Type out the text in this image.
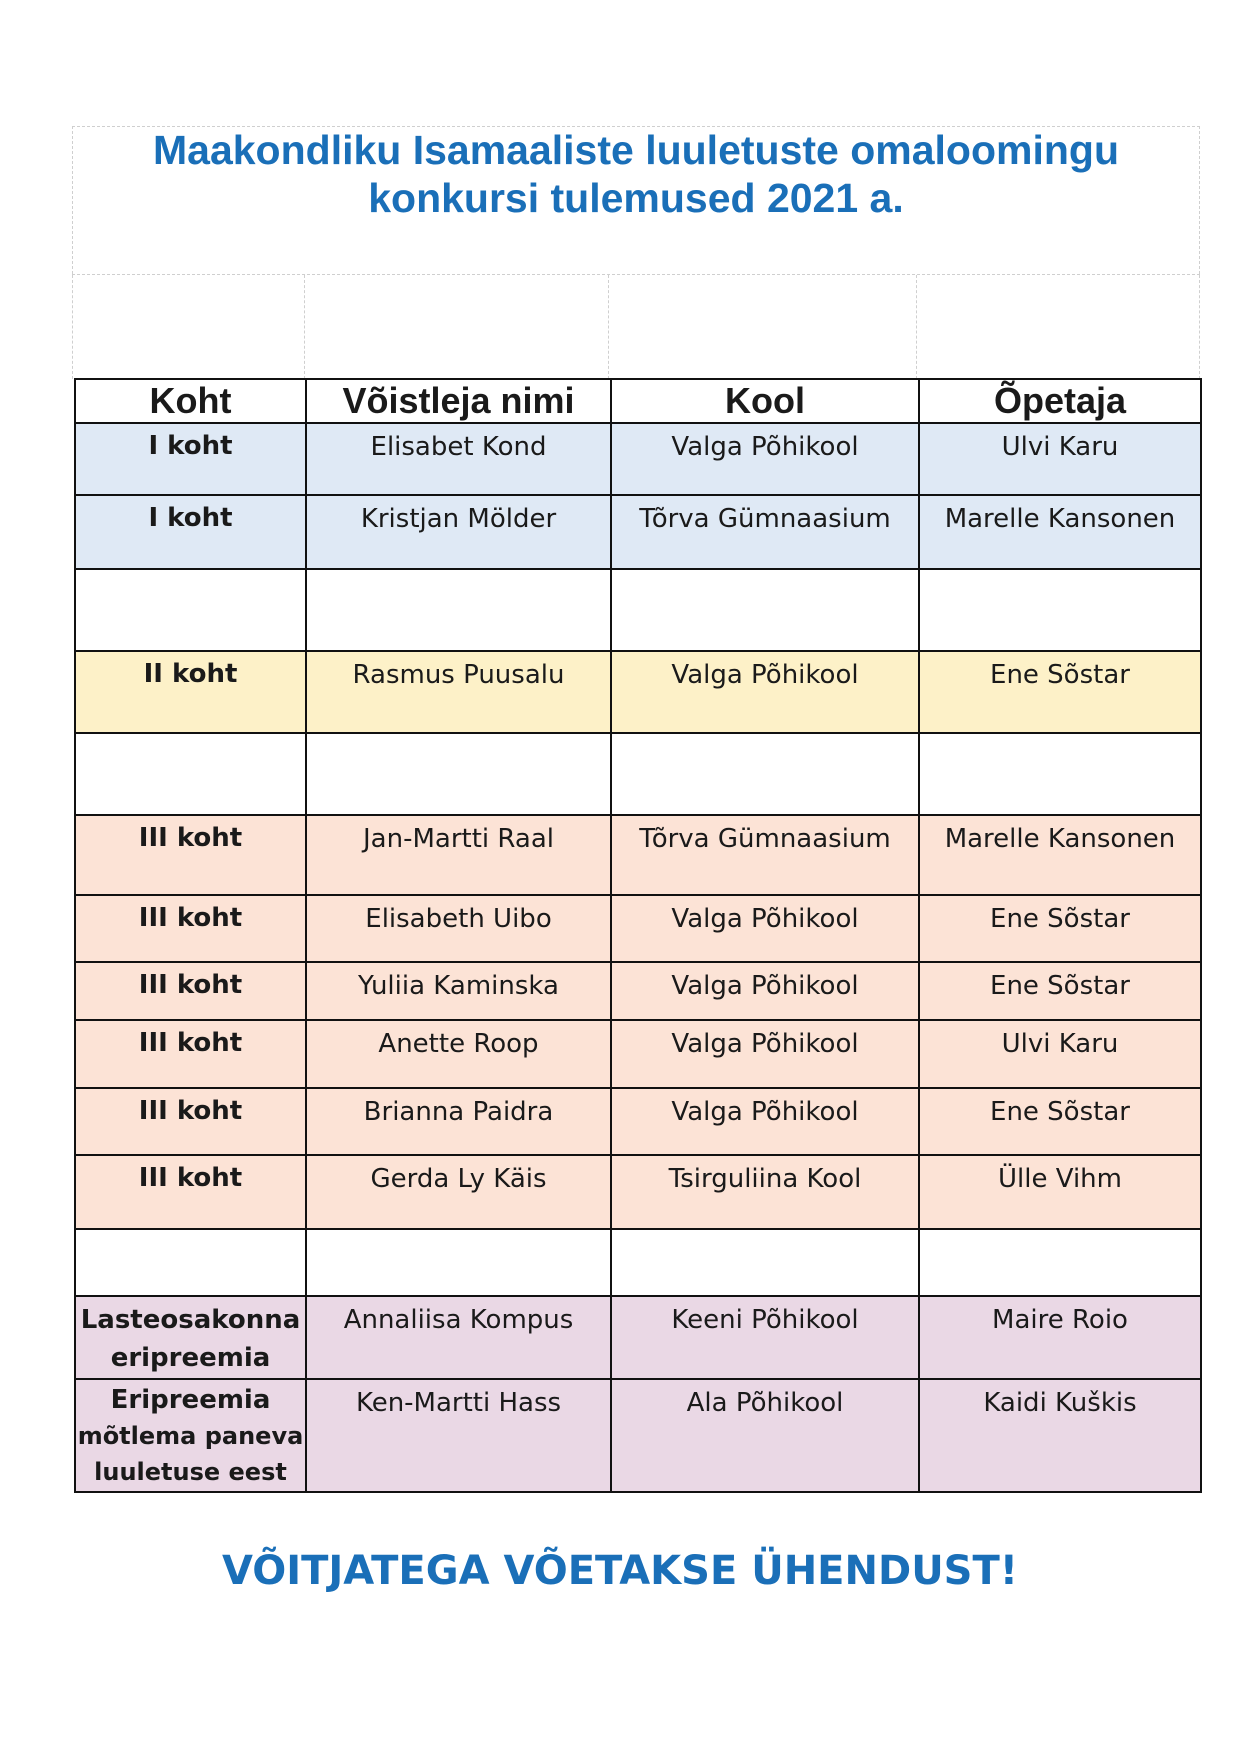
Maakondliku Isamaaliste luuletuste omaloomingu
konkursi tulemused 2021 a.
Koht	Võistleja nimi	Kool	Õpetaja

I koht	Elisabet Kond	Valga Põhikool	Ulvi Karu

I koht	Kristjan Mölder	Tõrva Gümnaasium	Marelle Kansonen

II koht	Rasmus Puusalu	Valga Põhikool	Ene Sõstar

III koht	Jan-Martti Raal	Tõrva Gümnaasium	Marelle Kansonen

III koht	Elisabeth Uibo	Valga Põhikool	Ene Sõstar

III koht	Yuliia Kaminska	Valga Põhikool	Ene Sõstar

III koht	Anette Roop	Valga Põhikool	Ulvi Karu

III koht	Brianna Paidra	Valga Põhikool	Ene Sõstar

III koht	Gerda Ly Käis	Tsirguliina Kool	Ülle Vihm

Lasteosakonna
eripreemia	Annaliisa Kompus	Keeni Põhikool	Maire Roio

Eripreemia
mõtlema paneva
luuletuse eest	Ken-Martti Hass	Ala Põhikool	Kaidi Kuškis

VÕITJATEGA VÕETAKSE ÜHENDUST!
